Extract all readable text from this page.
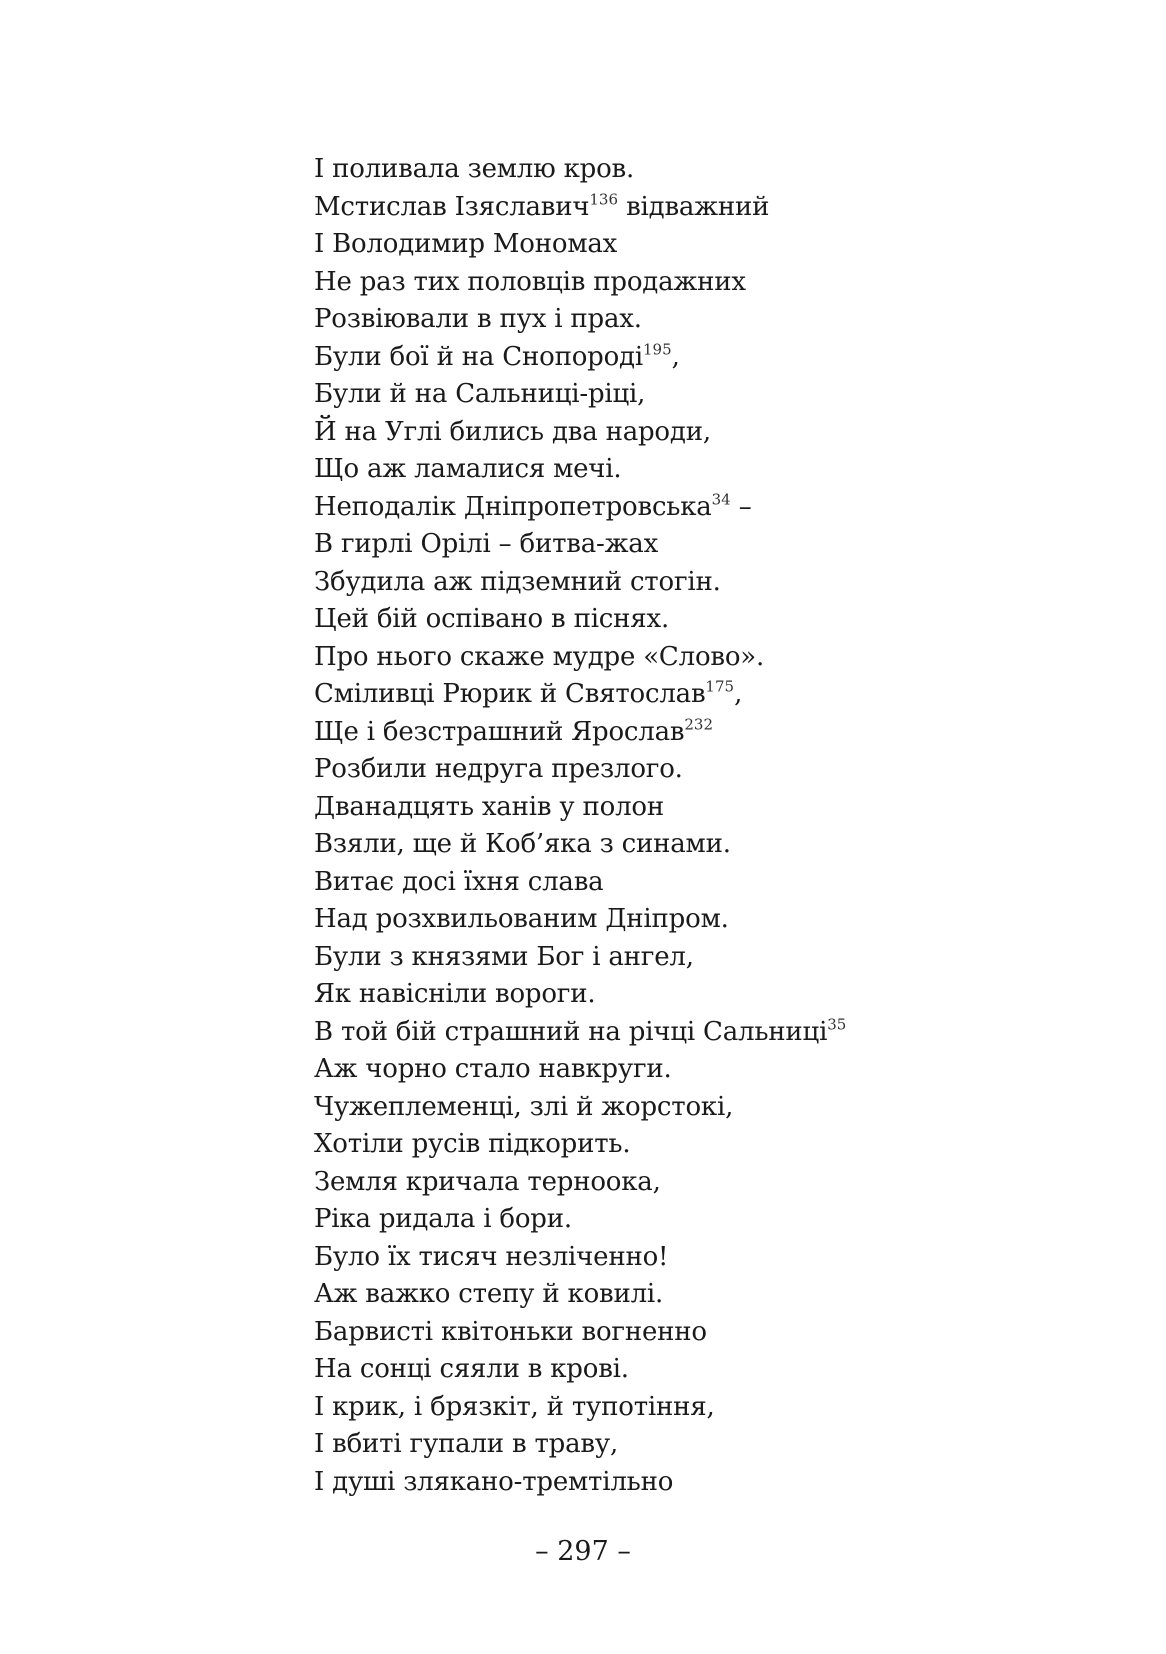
І поливала землю кров.
Мстислав Ізяславич$^{136}$ відважний
І Володимир Мономах
Не раз тих половців продажних
Розвіювали в пух і прах.
Були бої й на Снопороді$^{195}$,
Були й на Сальниці-ріці,
Й на Углі бились два народи,
Що аж ламалися мечі.
Неподалік Дніпропетровська$^{34}$ –
В гирлі Орілі – битва-жах
Збудила аж підземний стогін.
Цей бій оспівано в піснях.
Про нього скаже мудре «Слово».
Сміливці Рюрик й Святослав$^{175}$,
Ще і безстрашний Ярослав$^{232}$
Розбили недруга презлого.
Дванадцять ханів у полон
Взяли, ще й Коб’яка з синами.
Витає досі їхня слава
Над розхвильованим Дніпром.
Були з князями Бог і ангел,
Як навісніли вороги.
В той бій страшний на річці Сальниці$^{35}$
Аж чорно стало навкруги.
Чужеплеменці, злі й жорстокі,
Хотіли русів підкорить.
Земля кричала терноока,
Ріка ридала і бори.
Було їх тисяч незліченно!
Аж важко степу й ковилі.
Барвисті квітоньки вогненно
На сонці сяяли в крові.
І крик, і брязкіт, й тупотіння,
І вбиті гупали в траву,
І душі злякано-тремтільно
– 297 –
